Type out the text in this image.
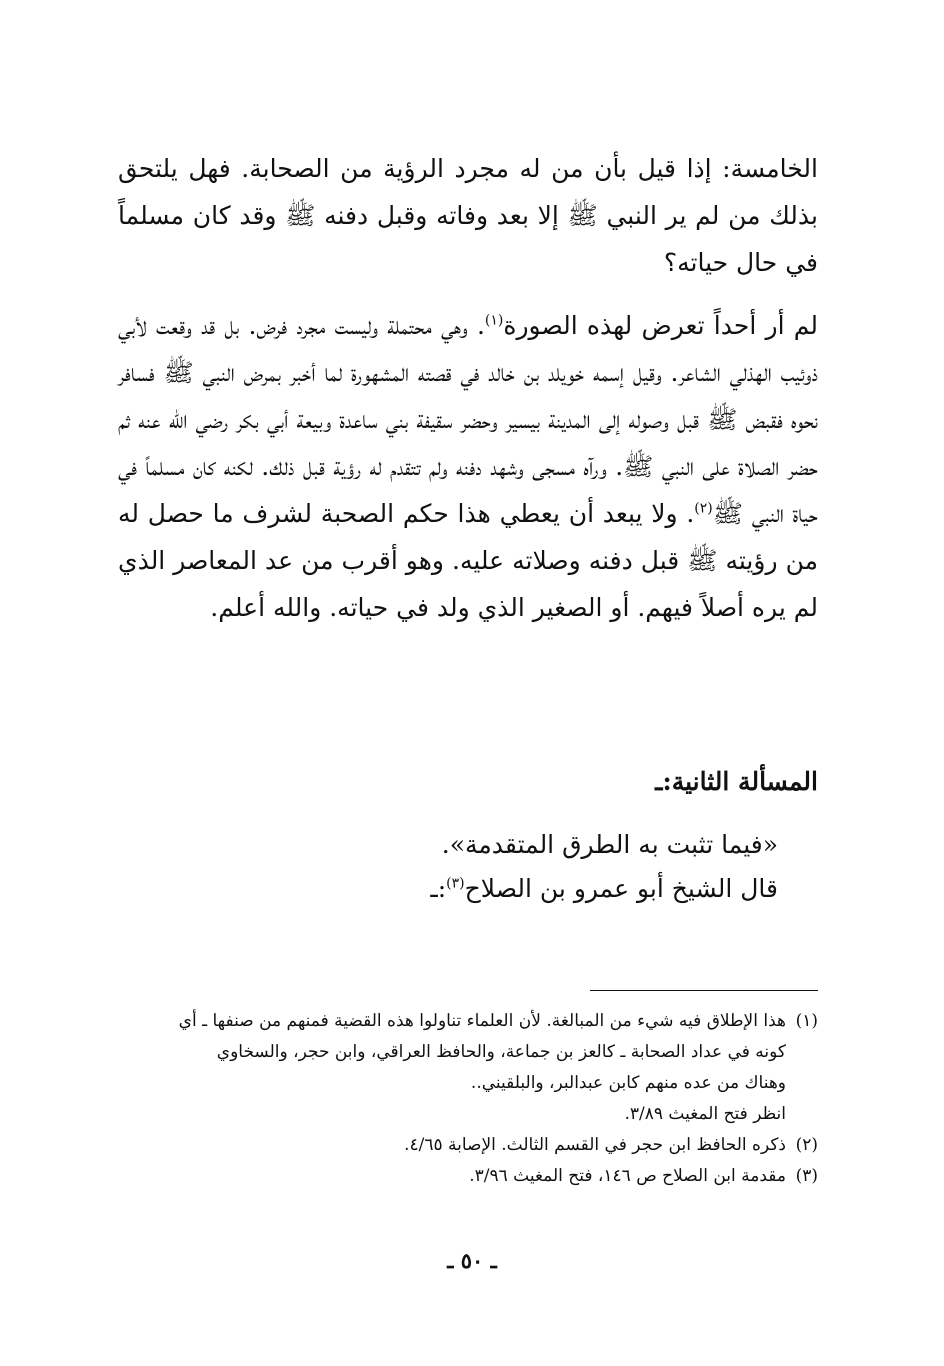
الخامسة: إذا قيل بأن من له مجرد الرؤية من الصحابة. فهل يلتحق بذلك من لم ير النبي ﷺ إلا بعد وفاته وقبل دفنه ﷺ وقد كان مسلماً في حال حياته؟

لم أر أحداً تعرض لهذه الصورة$^{(١)}$. وهي محتملة وليست مجرد فرض. بل قد وقعت لأبي ذوئيب الهذلي الشاعر. وقيل إسمه خويلد بن خالد في قصته المشهورة لما أخبر بمرض النبي ﷺ فسافر نحوه فقبض ﷺ قبل وصوله إلى المدينة بيسير وحضر سقيفة بني ساعدة وبيعة أبي بكر رضي الله عنه ثم حضر الصلاة على النبي ﷺ. ورآه مسجى وشهد دفنه ولم تتقدم له رؤية قبل ذلك. لكنه كان مسلماً في حياة النبي ﷺ$^{(٢)}$. ولا يبعد أن يعطي هذا حكم الصحبة لشرف ما حصل له من رؤيته ﷺ قبل دفنه وصلاته عليه. وهو أقرب من عد المعاصر الذي لم يره أصلاً فيهم. أو الصغير الذي ولد في حياته. والله أعلم.

المسألة الثانية:ـ
«فيما تثبت به الطرق المتقدمة».
قال الشيخ أبو عمرو بن الصلاح$^{(٣)}$:ـ

(١)هذا الإطلاق فيه شيء من المبالغة. لأن العلماء تناولوا هذه القضية فمنهم من صنفها ـ أي

كونه في عداد الصحابة ـ كالعز بن جماعة، والحافظ العراقي، وابن حجر، والسخاوي

وهناك من عده منهم كابن عبدالبر، والبلقيني..

انظر فتح المغيث ٣/٨٩.

(٢)ذكره الحافظ ابن حجر في القسم الثالث. الإصابة ٤/٦٥.

(٣)مقدمة ابن الصلاح ص ١٤٦، فتح المغيث ٣/٩٦.

ـ ٥٠ ـ
